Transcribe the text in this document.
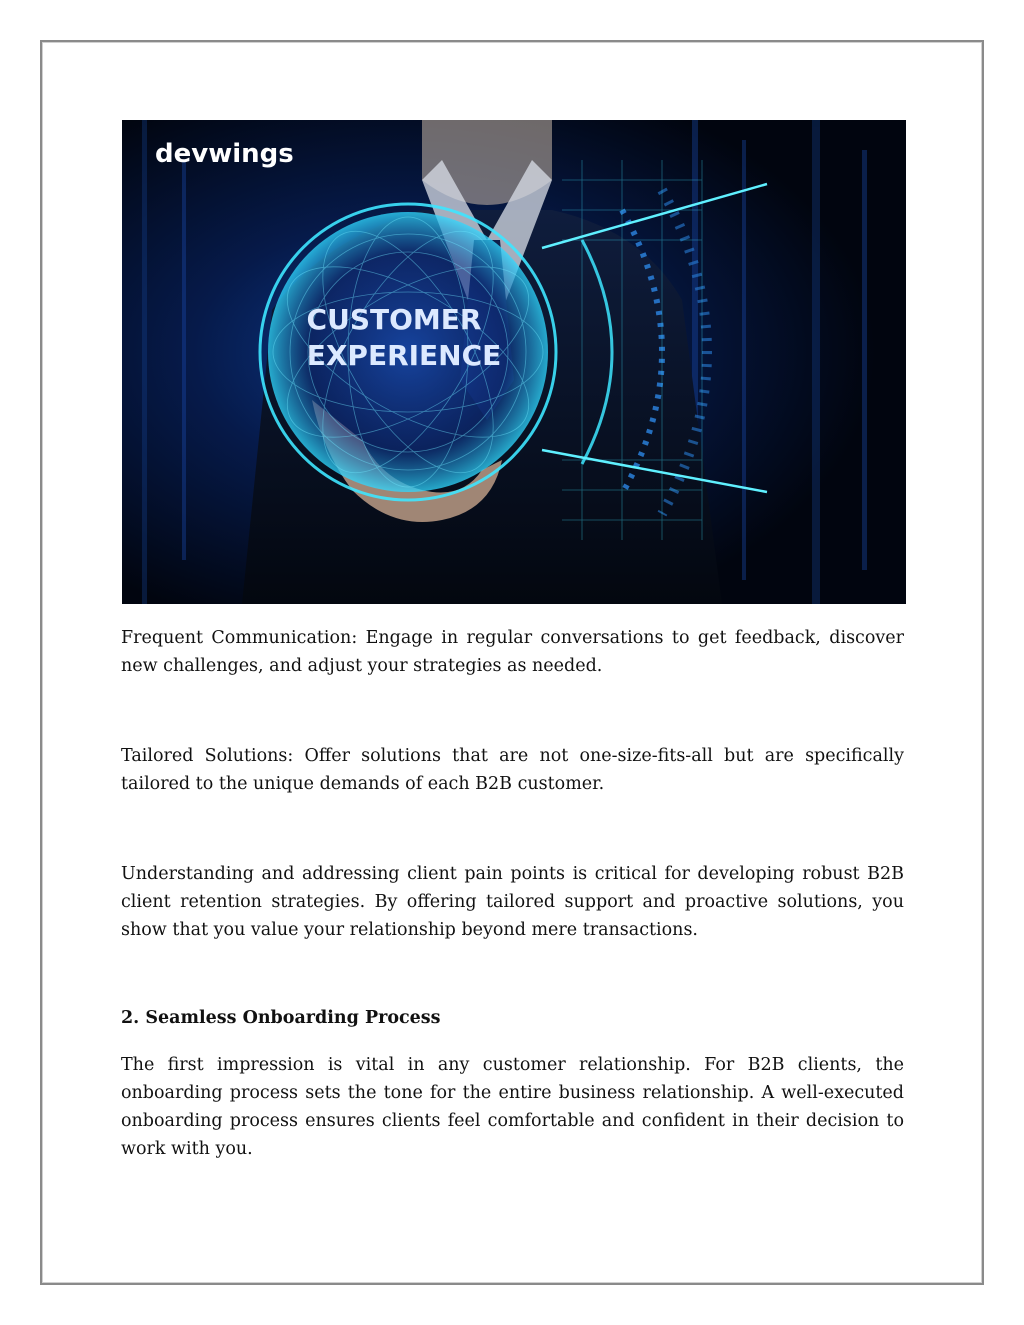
devwings
CUSTOMER
EXPERIENCE

Frequent Communication: Engage in regular conversations to get feedback, discover new challenges, and adjust your strategies as needed.

Tailored Solutions: Offer solutions that are not one-size-fits-all but are specifically tailored to the unique demands of each B2B customer.

Understanding and addressing client pain points is critical for developing robust B2B client retention strategies. By offering tailored support and proactive solutions, you show that you value your relationship beyond mere transactions.

2. Seamless Onboarding Process

The first impression is vital in any customer relationship. For B2B clients, the onboarding process sets the tone for the entire business relationship. A well-executed onboarding process ensures clients feel comfortable and confident in their decision to work with you.
